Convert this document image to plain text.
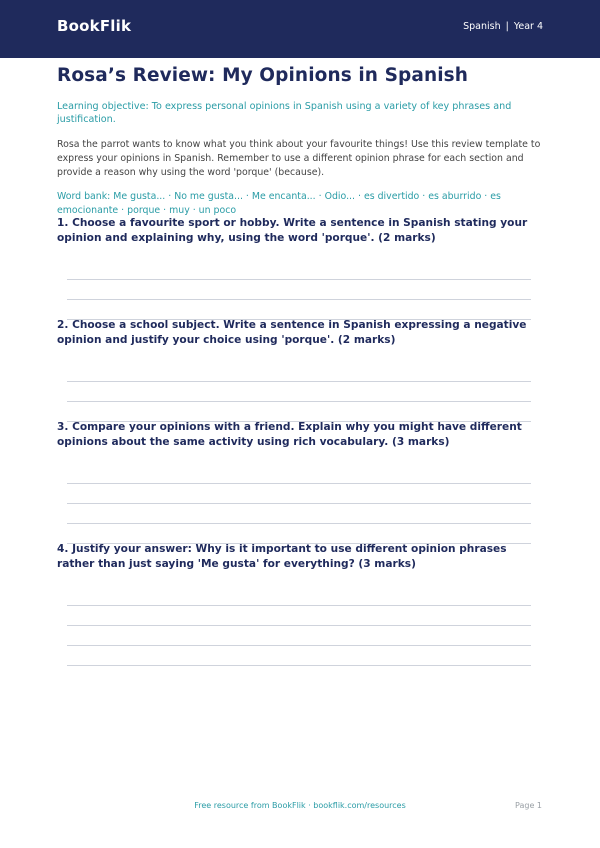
BookFlik	Spanish | Year 4
Rosa’s Review: My Opinions in Spanish
Learning objective: To express personal opinions in Spanish using a variety of key phrases and justification.
Rosa the parrot wants to know what you think about your favourite things! Use this review template to express your opinions in Spanish. Remember to use a different opinion phrase for each section and provide a reason why using the word 'porque' (because).
Word bank: Me gusta... · No me gusta... · Me encanta... · Odio... · es divertido · es aburrido · es emocionante · porque · muy · un poco
1. Choose a favourite sport or hobby. Write a sentence in Spanish stating your opinion and explaining why, using the word 'porque'. (2 marks)
2. Choose a school subject. Write a sentence in Spanish expressing a negative opinion and justify your choice using 'porque'. (2 marks)
3. Compare your opinions with a friend. Explain why you might have different opinions about the same activity using rich vocabulary. (3 marks)
4. Justify your answer: Why is it important to use different opinion phrases rather than just saying 'Me gusta' for everything? (3 marks)
Free resource from BookFlik · bookflik.com/resources	Page 1
